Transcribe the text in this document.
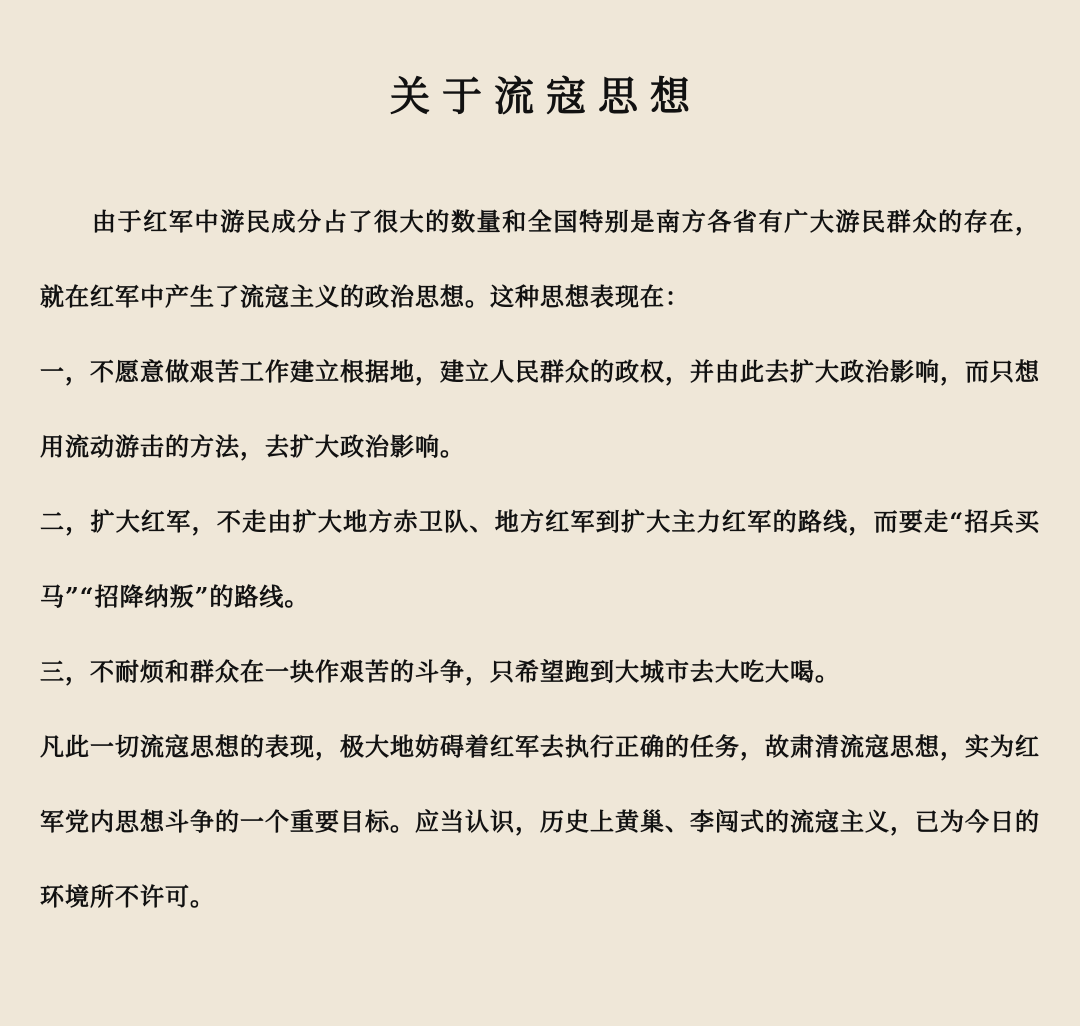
关于流寇思想

由于红军中游民成分占了很大的数量和全国特别是南方各省有广大游民群众的存在，就在红军中产生了流寇主义的政治思想。这种思想表现在：

一，不愿意做艰苦工作建立根据地，建立人民群众的政权，并由此去扩大政治影响，而只想用流动游击的方法，去扩大政治影响。

二，扩大红军，不走由扩大地方赤卫队、地方红军到扩大主力红军的路线，而要走“招兵买马”“招降纳叛”的路线。

三，不耐烦和群众在一块作艰苦的斗争，只希望跑到大城市去大吃大喝。

凡此一切流寇思想的表现，极大地妨碍着红军去执行正确的任务，故肃清流寇思想，实为红军党内思想斗争的一个重要目标。应当认识，历史上黄巢、李闯式的流寇主义，已为今日的环境所不许可。
